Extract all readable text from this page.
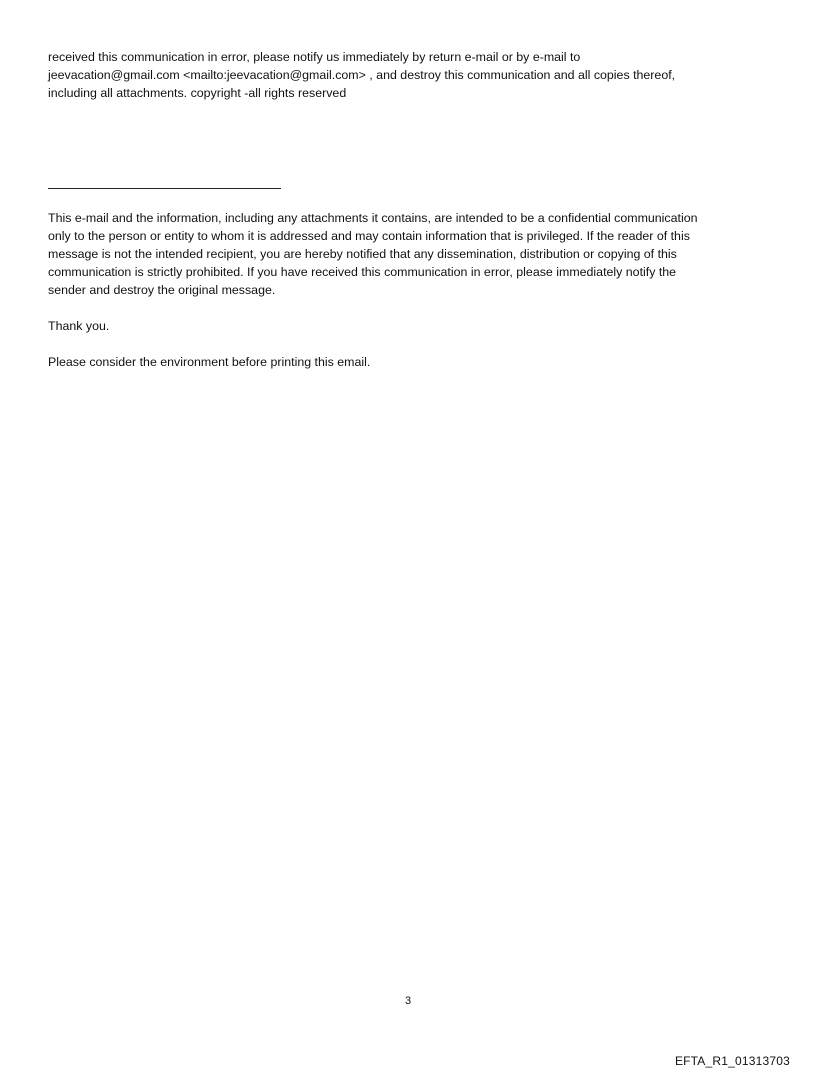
received this communication in error, please notify us immediately by return e-mail or by e-mail to
jeevacation@gmail.com <mailto:jeevacation@gmail.com> , and destroy this communication and all copies thereof,
including all attachments. copyright -all rights reserved

This e-mail and the information, including any attachments it contains, are intended to be a confidential communication
only to the person or entity to whom it is addressed and may contain information that is privileged. If the reader of this
message is not the intended recipient, you are hereby notified that any dissemination, distribution or copying of this
communication is strictly prohibited. If you have received this communication in error, please immediately notify the
sender and destroy the original message.

Thank you.

Please consider the environment before printing this email.

3
EFTA_R1_01313703
